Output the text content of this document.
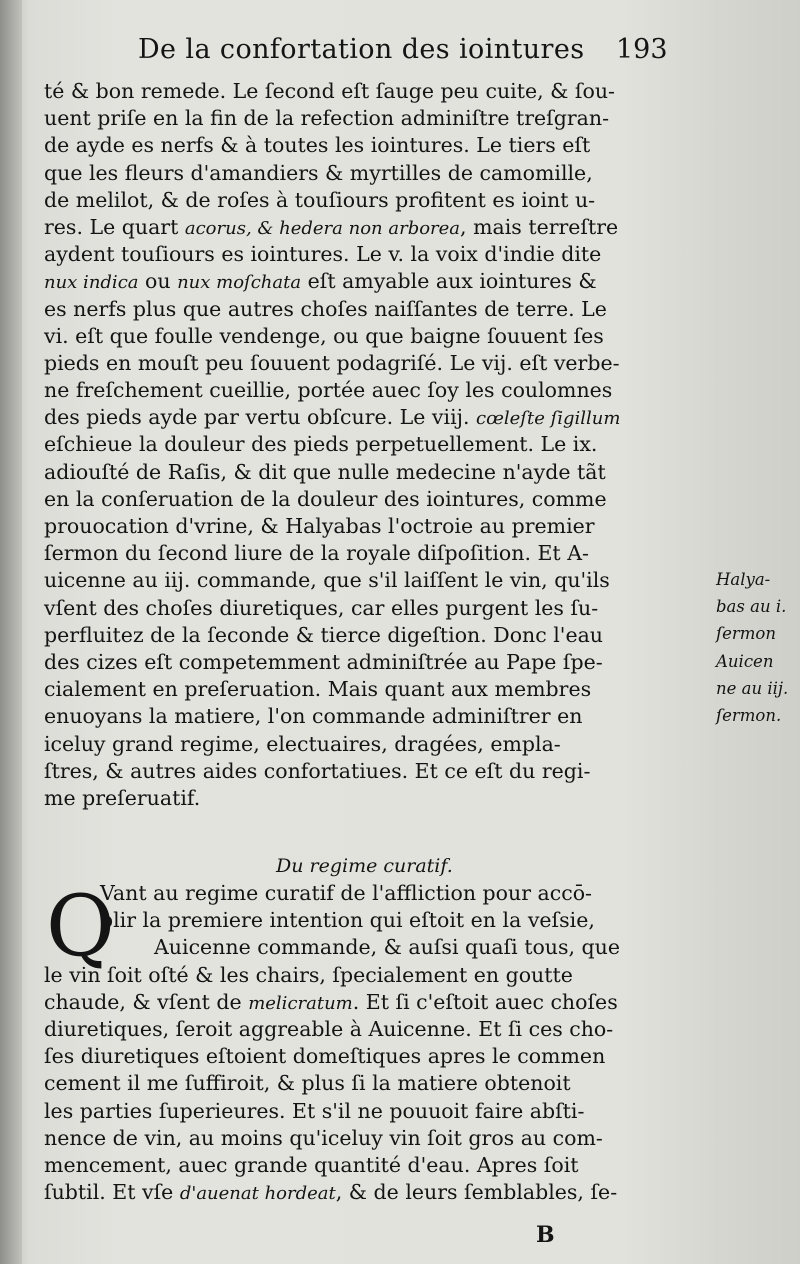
De la confortation des iointures 193
té & bon remede. Le ſecond eſt ſauge peu cuite, & ſou-
uent priſe en la fin de la refection adminiſtre treſgran-
de ayde es nerfs & à toutes les iointures. Le tiers eſt
que les fleurs d'amandiers & myrtilles de camomille,
de melilot, & de roſes à touſiours profitent es ioint u-
res. Le quart acorus, & hedera non arborea, mais terreſtre
aydent touſiours es iointures. Le v. la voix d'indie dite
nux indica ou nux moſchata eſt amyable aux iointures &
es nerfs plus que autres choſes naiſſantes de terre. Le
vi. eſt que foulle vendenge, ou que baigne ſouuent ſes
pieds en mouſt peu ſouuent podagriſé. Le vij. eſt verbe-
ne freſchement cueillie, portée auec ſoy les coulomnes
des pieds ayde par vertu obſcure. Le viij. cœleſte ſigillum
eſchieue la douleur des pieds perpetuellement. Le ix.
adiouſté de Raſis, & dit que nulle medecine n'ayde tãt
en la conſeruation de la douleur des iointures, comme
prouocation d'vrine, & Halyabas l'octroie au premier
ſermon du ſecond liure de la royale diſpoſition. Et A-
uicenne au iij. commande, que s'il laiſſent le vin, qu'ils
vſent des choſes diuretiques, car elles purgent les ſu-
perfluitez de la ſeconde & tierce digeſtion. Donc l'eau
des cizes eſt competemment adminiſtrée au Pape ſpe-
cialement en preſeruation. Mais quant aux membres
enuoyans la matiere, l'on commande adminiſtrer en
iceluy grand regime, electuaires, dragées, empla-
ſtres, & autres aides confortatiues. Et ce eſt du regi-
me preſeruatif.
Du regime curatif.
Q
Vant au regime curatif de l'affliction pour accō-
plir la premiere intention qui eſtoit en la veſsie,
Auicenne commande, & auſsi quaſi tous, que
le vin ſoit oſté & les chairs, ſpecialement en goutte
chaude, & vſent de melicratum. Et ſi c'eſtoit auec choſes
diuretiques, ſeroit aggreable à Auicenne. Et ſi ces cho-
ſes diuretiques eſtoient domeſtiques apres le commen
cement il me ſuffiroit, & plus ſi la matiere obtenoit
les parties ſuperieures. Et s'il ne pouuoit faire abſti-
nence de vin, au moins qu'iceluy vin ſoit gros au com-
mencement, auec grande quantité d'eau. Apres ſoit
ſubtil. Et vſe d'auenat hordeat, & de leurs ſemblables, ſe-
Halya-
bas au i.
ſermon
Auicen
ne au iij.
ſermon.
B
